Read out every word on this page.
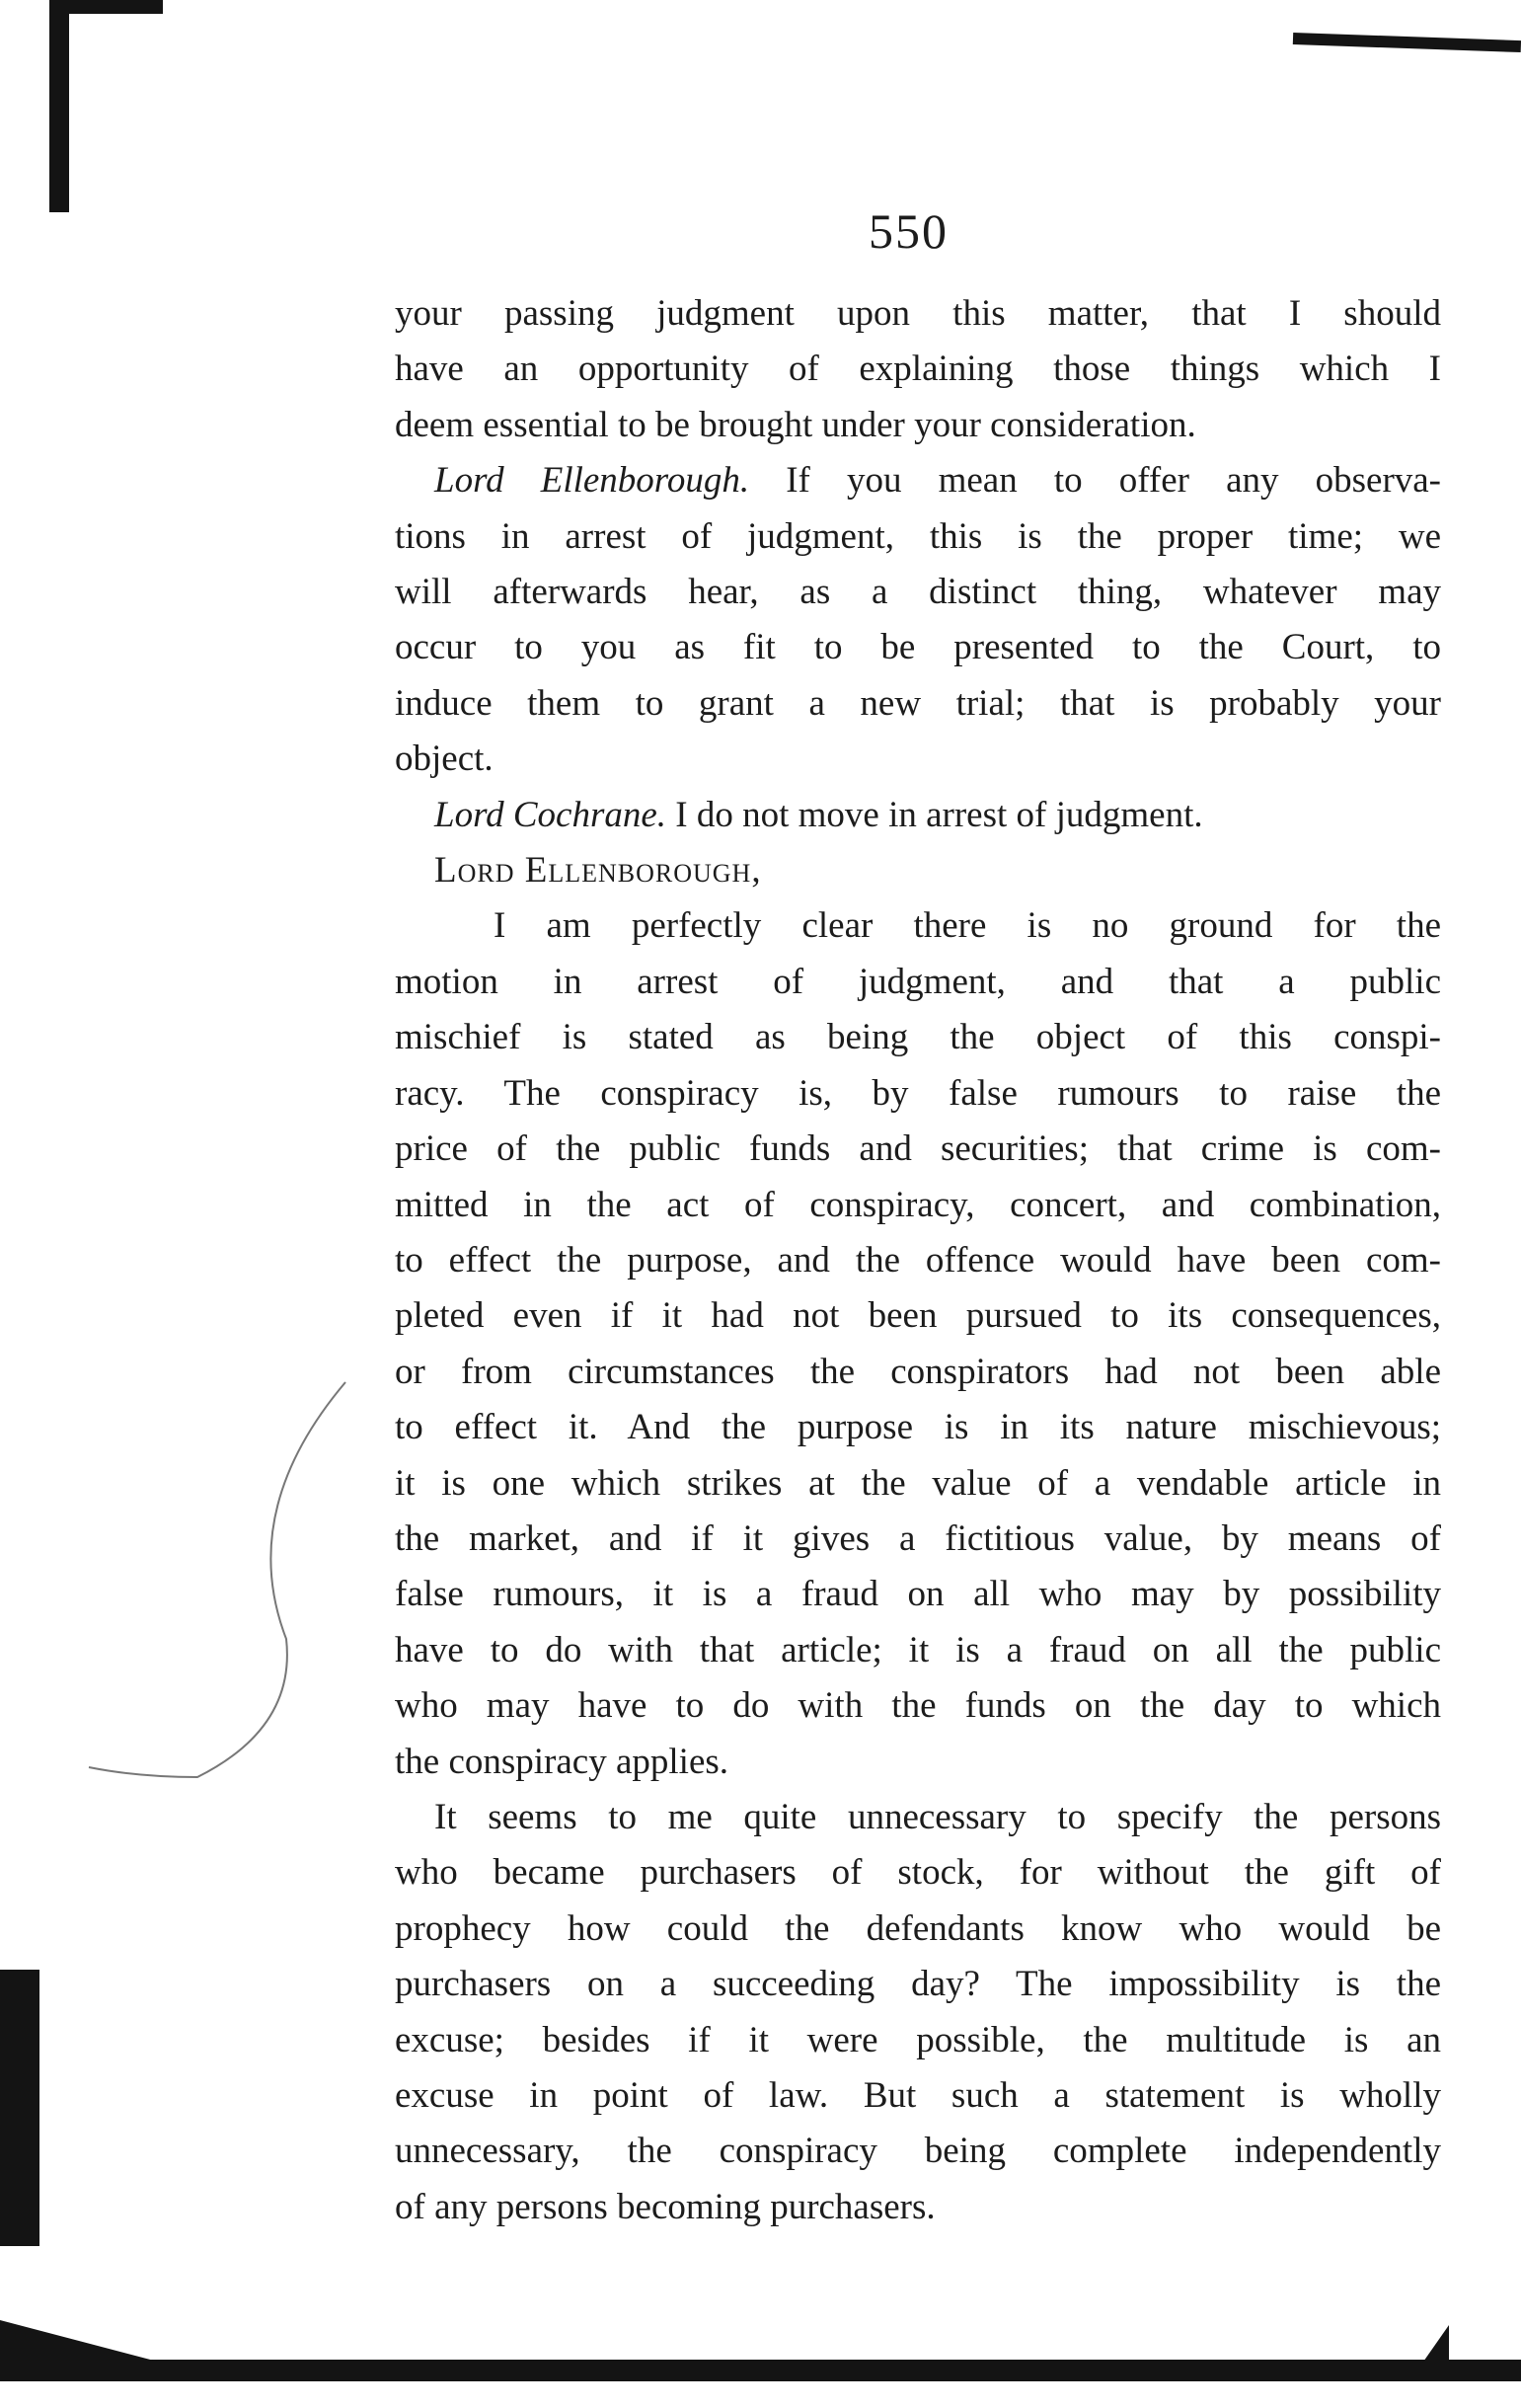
550
your passing judgment upon this matter, that I should
have an opportunity of explaining those things which I
deem essential to be brought under your consideration.
Lord Ellenborough. If you mean to offer any observa-
tions in arrest of judgment, this is the proper time; we
will afterwards hear, as a distinct thing, whatever may
occur to you as fit to be presented to the Court, to
induce them to grant a new trial; that is probably your
object.
Lord Cochrane. I do not move in arrest of judgment.
Lord Ellenborough,
I am perfectly clear there is no ground for the
motion in arrest of judgment, and that a public
mischief is stated as being the object of this conspi-
racy. The conspiracy is, by false rumours to raise the
price of the public funds and securities; that crime is com-
mitted in the act of conspiracy, concert, and combination,
to effect the purpose, and the offence would have been com-
pleted even if it had not been pursued to its consequences,
or from circumstances the conspirators had not been able
to effect it. And the purpose is in its nature mischievous;
it is one which strikes at the value of a vendable article in
the market, and if it gives a fictitious value, by means of
false rumours, it is a fraud on all who may by possibility
have to do with that article; it is a fraud on all the public
who may have to do with the funds on the day to which
the conspiracy applies.
It seems to me quite unnecessary to specify the persons
who became purchasers of stock, for without the gift of
prophecy how could the defendants know who would be
purchasers on a succeeding day? The impossibility is the
excuse; besides if it were possible, the multitude is an
excuse in point of law. But such a statement is wholly
unnecessary, the conspiracy being complete independently
of any persons becoming purchasers.
